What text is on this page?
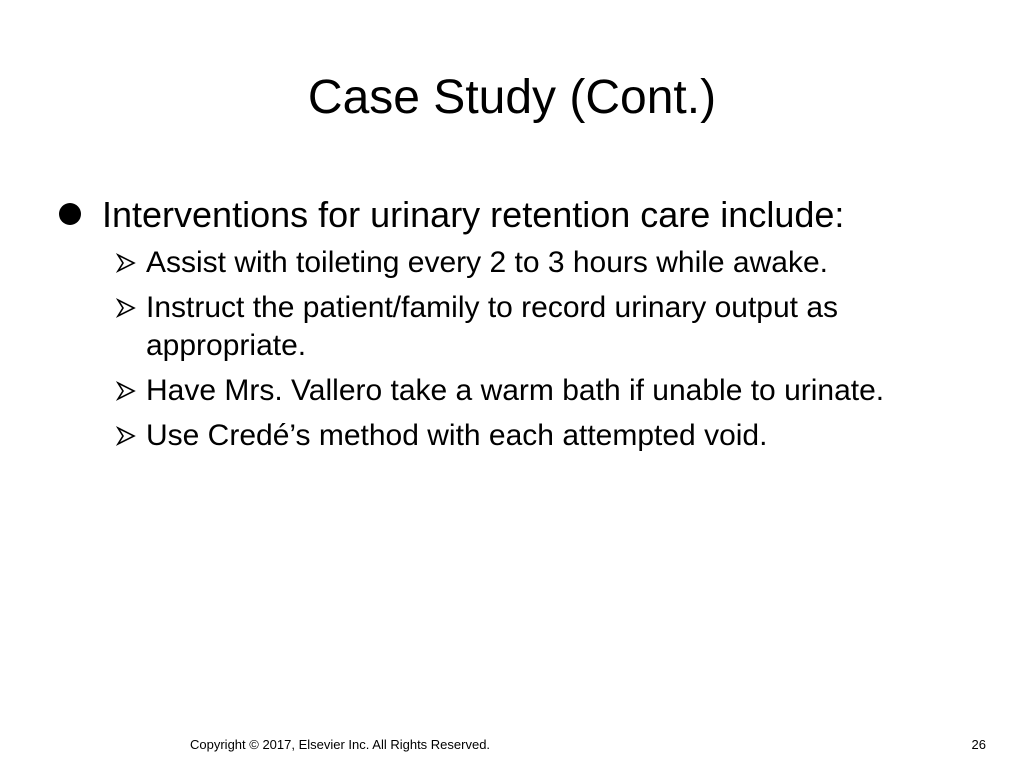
Case Study (Cont.)
Interventions for urinary retention care include:
Assist with toileting every 2 to 3 hours while awake.
Instruct the patient/family to record urinary output as appropriate.
Have Mrs. Vallero take a warm bath if unable to urinate.
Use Credé’s method with each attempted void.
Copyright © 2017, Elsevier Inc. All Rights Reserved.	26
